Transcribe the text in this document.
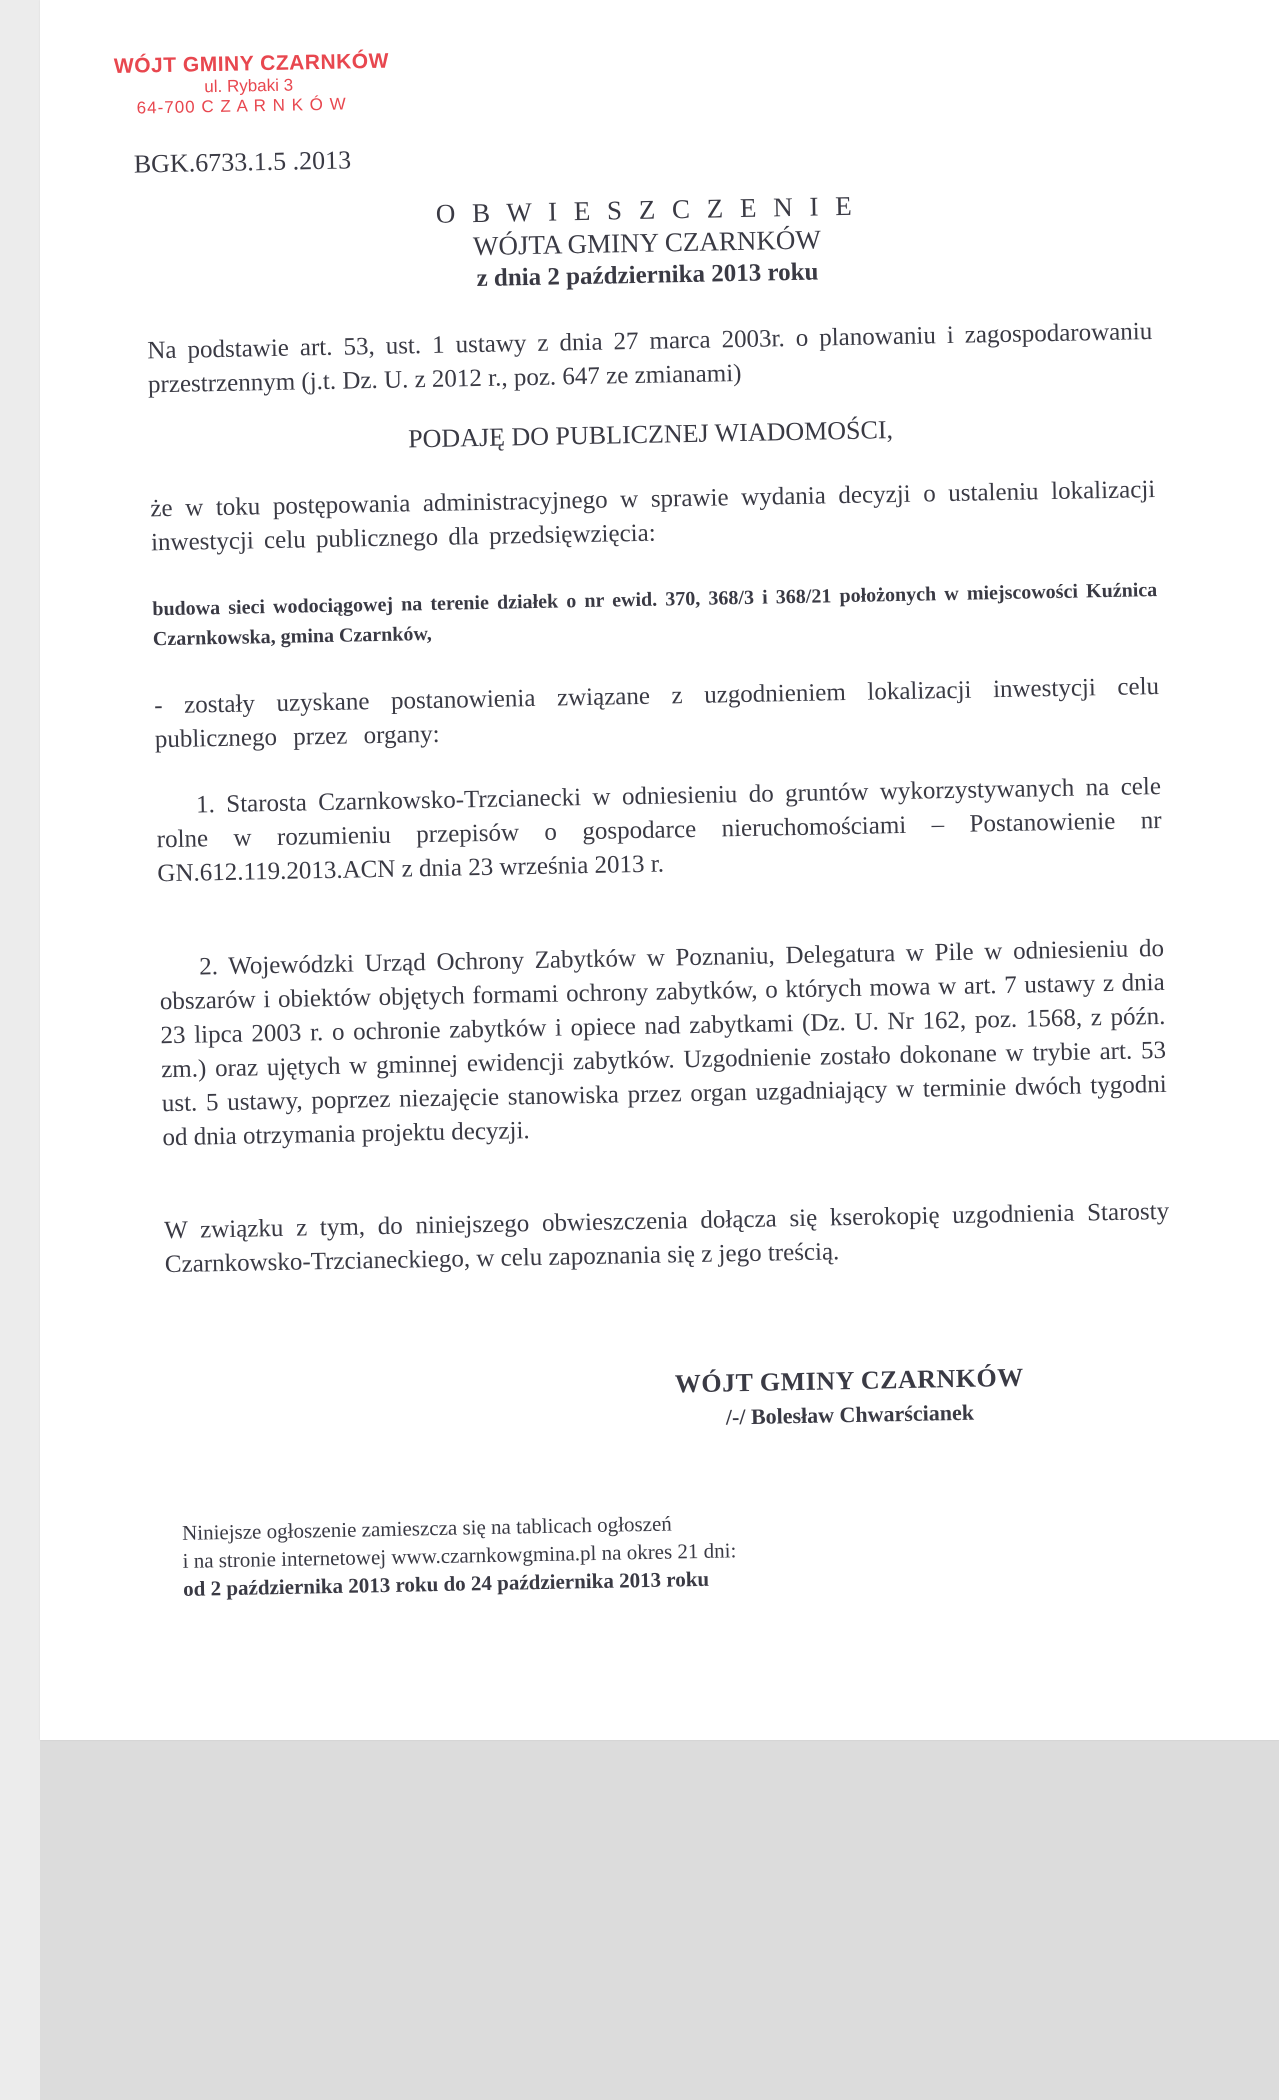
WÓJT GMINY CZARNKÓW
ul. Rybaki 3
64-700 C Z A R N K Ó W
BGK.6733.1.5 .2013
O B W I E S Z C Z E N I E
WÓJTA GMINY CZARNKÓW
z dnia 2 października 2013 roku
Na podstawie art. 53, ust. 1 ustawy z dnia 27 marca 2003r. o planowaniu i zagospodarowaniu przestrzennym (j.t. Dz. U. z 2012 r., poz. 647 ze zmianami)
PODAJĘ DO PUBLICZNEJ WIADOMOŚCI,
że w toku postępowania administracyjnego w sprawie wydania decyzji o ustaleniu lokalizacji inwestycji celu publicznego dla przedsięwzięcia:
budowa sieci wodociągowej na terenie działek o nr ewid. 370, 368/3 i 368/21 położonych w miejscowości Kuźnica Czarnkowska, gmina Czarnków,
- zostały uzyskane postanowienia związane z uzgodnieniem lokalizacji inwestycji celu publicznego przez organy:
1. Starosta Czarnkowsko-Trzcianecki w odniesieniu do gruntów wykorzystywanych na cele rolne w rozumieniu przepisów o gospodarce nieruchomościami – Postanowienie nr GN.612.119.2013.ACN z dnia 23 września 2013 r.
2. Wojewódzki Urząd Ochrony Zabytków w Poznaniu, Delegatura w Pile w odniesieniu do obszarów i obiektów objętych formami ochrony zabytków, o których mowa w art. 7 ustawy z dnia 23 lipca 2003 r. o ochronie zabytków i opiece nad zabytkami (Dz. U. Nr 162, poz. 1568, z późn. zm.) oraz ujętych w gminnej ewidencji zabytków. Uzgodnienie zostało dokonane w trybie art. 53 ust. 5 ustawy, poprzez niezajęcie stanowiska przez organ uzgadniający w terminie dwóch tygodni od dnia otrzymania projektu decyzji.
W związku z tym, do niniejszego obwieszczenia dołącza się kserokopię uzgodnienia Starosty Czarnkowsko-Trzcianeckiego, w celu zapoznania się z jego treścią.
WÓJT GMINY CZARNKÓW
/-/ Bolesław Chwarścianek
Niniejsze ogłoszenie zamieszcza się na tablicach ogłoszeń
i na stronie internetowej www.czarnkowgmina.pl na okres 21 dni:
od 2 października 2013 roku do 24 października 2013 roku
